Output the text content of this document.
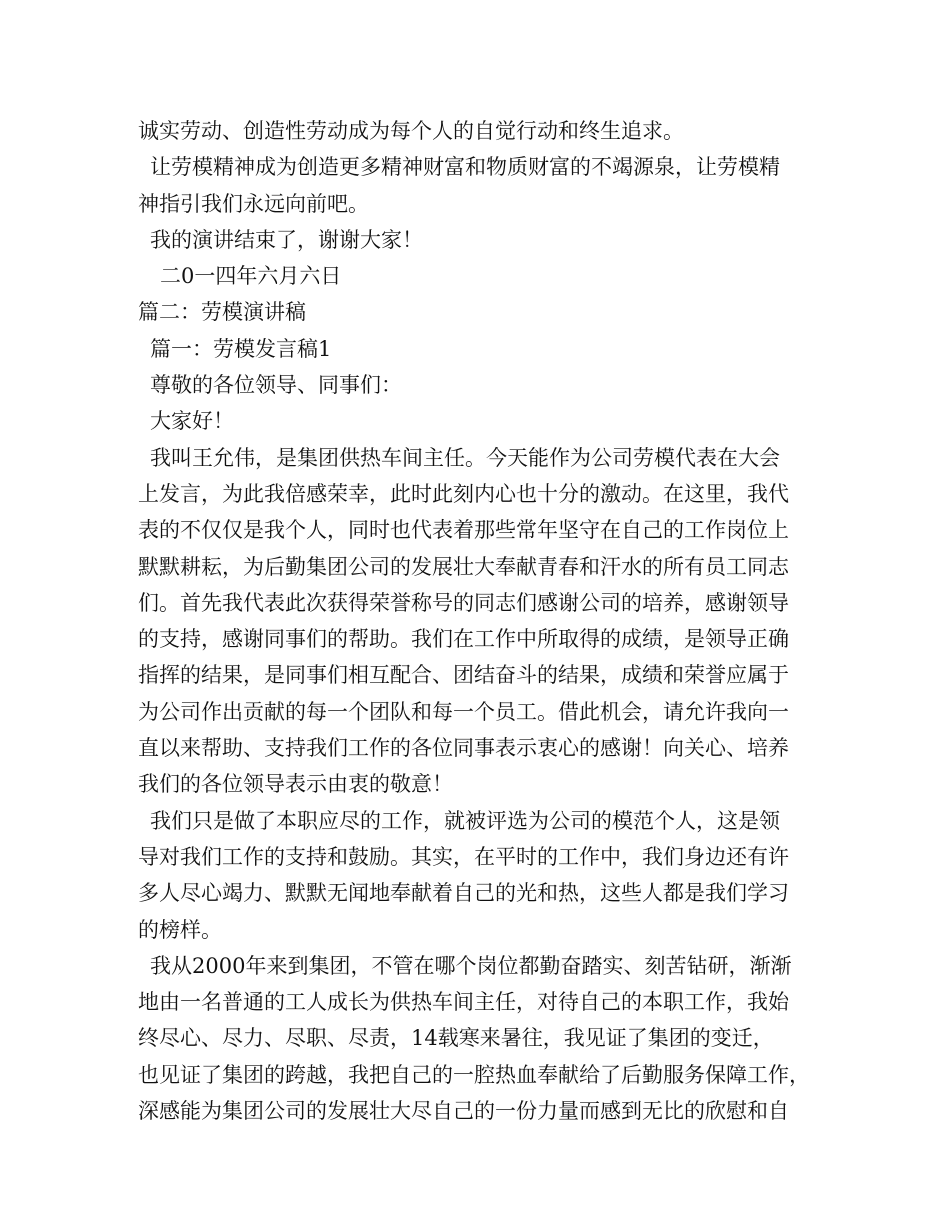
诚实劳动、创造性劳动成为每个人的自觉行动和终生追求。
让劳模精神成为创造更多精神财富和物质财富的不竭源泉，让劳模精
神指引我们永远向前吧。
我的演讲结束了，谢谢大家！
二0一四年六月六日
篇二：劳模演讲稿
篇一：劳模发言稿1
尊敬的各位领导、同事们：
大家好！
我叫王允伟，是集团供热车间主任。今天能作为公司劳模代表在大会
上发言，为此我倍感荣幸，此时此刻内心也十分的激动。在这里，我代
表的不仅仅是我个人，同时也代表着那些常年坚守在自己的工作岗位上
默默耕耘，为后勤集团公司的发展壮大奉献青春和汗水的所有员工同志
们。首先我代表此次获得荣誉称号的同志们感谢公司的培养，感谢领导
的支持，感谢同事们的帮助。我们在工作中所取得的成绩，是领导正确
指挥的结果，是同事们相互配合、团结奋斗的结果，成绩和荣誉应属于
为公司作出贡献的每一个团队和每一个员工。借此机会，请允许我向一
直以来帮助、支持我们工作的各位同事表示衷心的感谢！向关心、培养
我们的各位领导表示由衷的敬意！
我们只是做了本职应尽的工作，就被评选为公司的模范个人，这是领
导对我们工作的支持和鼓励。其实，在平时的工作中，我们身边还有许
多人尽心竭力、默默无闻地奉献着自己的光和热，这些人都是我们学习
的榜样。
我从2000年来到集团，不管在哪个岗位都勤奋踏实、刻苦钻研，渐渐
地由一名普通的工人成长为供热车间主任，对待自己的本职工作，我始
终尽心、尽力、尽职、尽责，14载寒来暑往，我见证了集团的变迁，
也见证了集团的跨越，我把自己的一腔热血奉献给了后勤服务保障工作，
深感能为集团公司的发展壮大尽自己的一份力量而感到无比的欣慰和自
